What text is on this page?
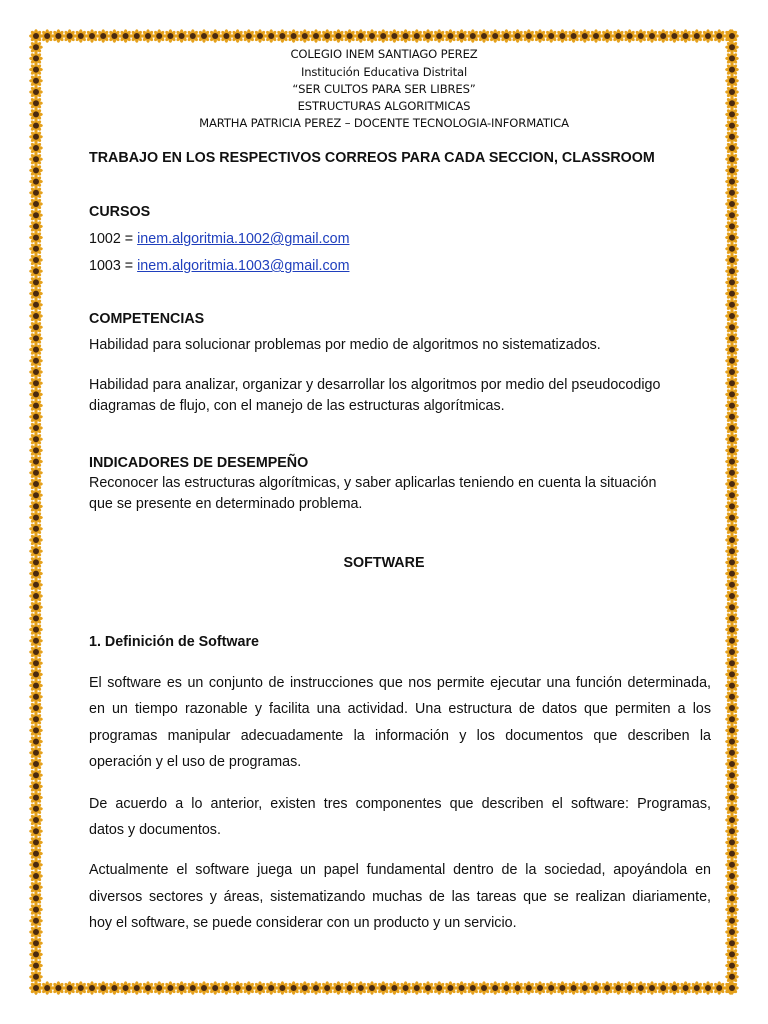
COLEGIO INEM SANTIAGO PEREZ
Institución Educativa Distrital
“SER CULTOS PARA SER LIBRES”
ESTRUCTURAS ALGORITMICAS
MARTHA PATRICIA PEREZ – DOCENTE TECNOLOGIA-INFORMATICA
TRABAJO EN LOS RESPECTIVOS CORREOS PARA CADA SECCION, CLASSROOM
CURSOS
1002 = inem.algoritmia.1002@gmail.com
1003 = inem.algoritmia.1003@gmail.com
COMPETENCIAS
Habilidad para solucionar problemas por medio de algoritmos no sistematizados.
Habilidad para analizar, organizar y desarrollar los algoritmos por medio del pseudocodigo
diagramas de flujo, con el manejo de las estructuras algorítmicas.
INDICADORES DE DESEMPEÑO
Reconocer las estructuras algorítmicas, y saber aplicarlas teniendo en cuenta la situación
que se presente en determinado problema.
SOFTWARE
1. Definición de Software
El software es un conjunto de instrucciones que nos permite ejecutar una función determinada,
en un tiempo razonable y facilita una actividad. Una estructura de datos que permiten a los
programas manipular adecuadamente la información y los documentos que describen la
operación y el uso de programas.
De acuerdo a lo anterior, existen tres componentes que describen el software: Programas,
datos y documentos.
Actualmente el software juega un papel fundamental dentro de la sociedad, apoyándola en
diversos sectores y áreas, sistematizando muchas de las tareas que se realizan diariamente,
hoy el software, se puede considerar con un producto y un servicio.
